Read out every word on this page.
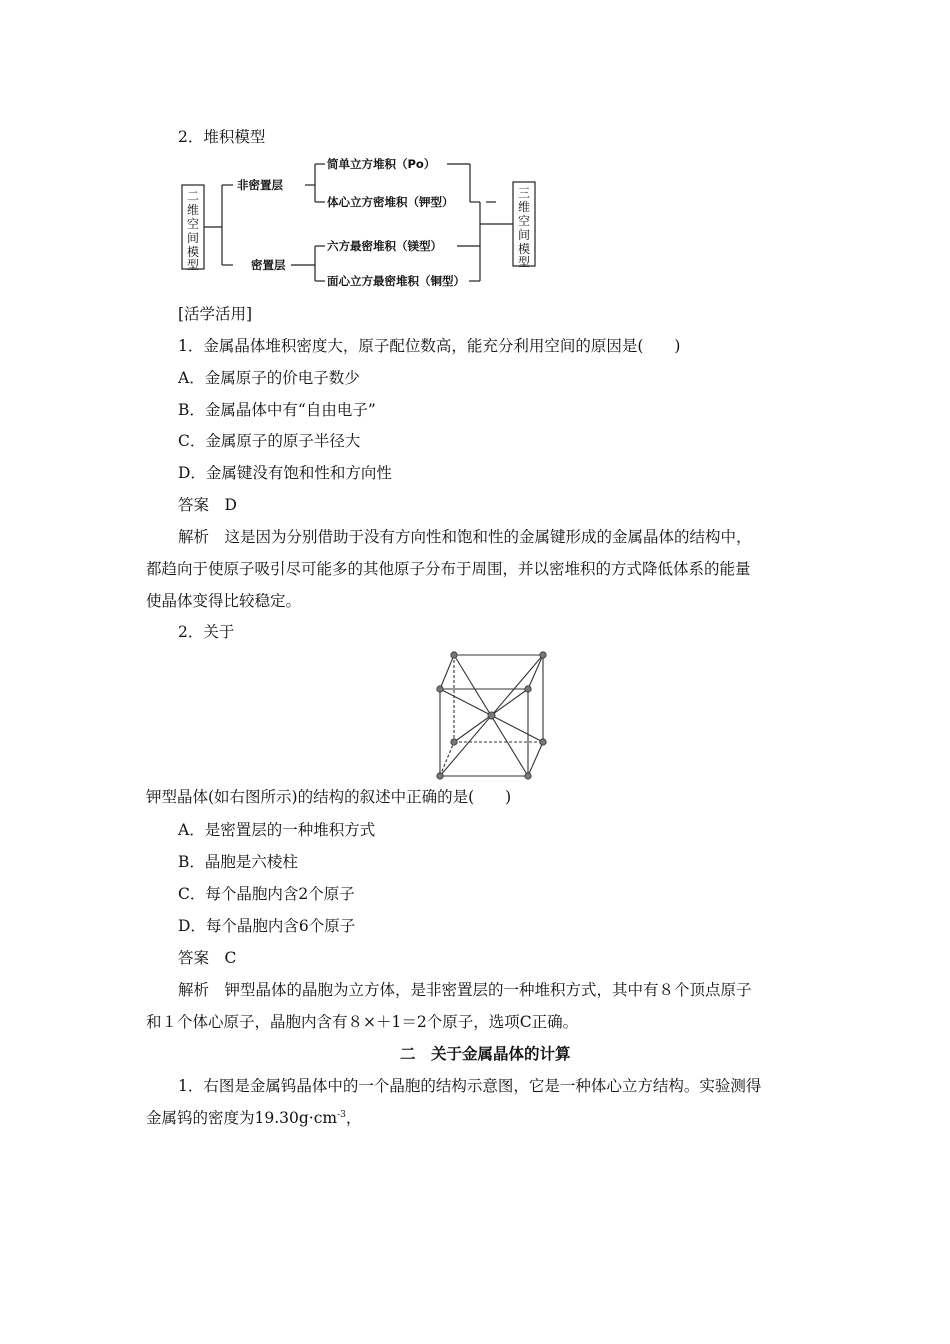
2．堆积模型
二
维
空
间
模
型
三
维
空
间
模
型
非密置层
密置层
简单立方堆积（Po）
体心立方密堆积（钾型）
六方最密堆积（镁型）
面心立方最密堆积（铜型）
[活学活用]
1．金属晶体堆积密度大，原子配位数高，能充分利用空间的原因是(　　)
A．金属原子的价电子数少
B．金属晶体中有“自由电子”
C．金属原子的原子半径大
D．金属键没有饱和性和方向性
答案　D
解析　这是因为分别借助于没有方向性和饱和性的金属键形成的金属晶体的结构中，
都趋向于使原子吸引尽可能多的其他原子分布于周围，并以密堆积的方式降低体系的能量
使晶体变得比较稳定。
2．关于
钾型晶体(如右图所示)的结构的叙述中正确的是(　　)
A．是密置层的一种堆积方式
B．晶胞是六棱柱
C．每个晶胞内含2个原子
D．每个晶胞内含6个原子
答案　C
解析　钾型晶体的晶胞为立方体，是非密置层的一种堆积方式，其中有８个顶点原子
和１个体心原子，晶胞内含有８×＋1＝2个原子，选项C正确。
二　关于金属晶体的计算
1．右图是金属钨晶体中的一个晶胞的结构示意图，它是一种体心立方结构。实验测得
金属钨的密度为$19.30g\cdot cm^{-3}$，
